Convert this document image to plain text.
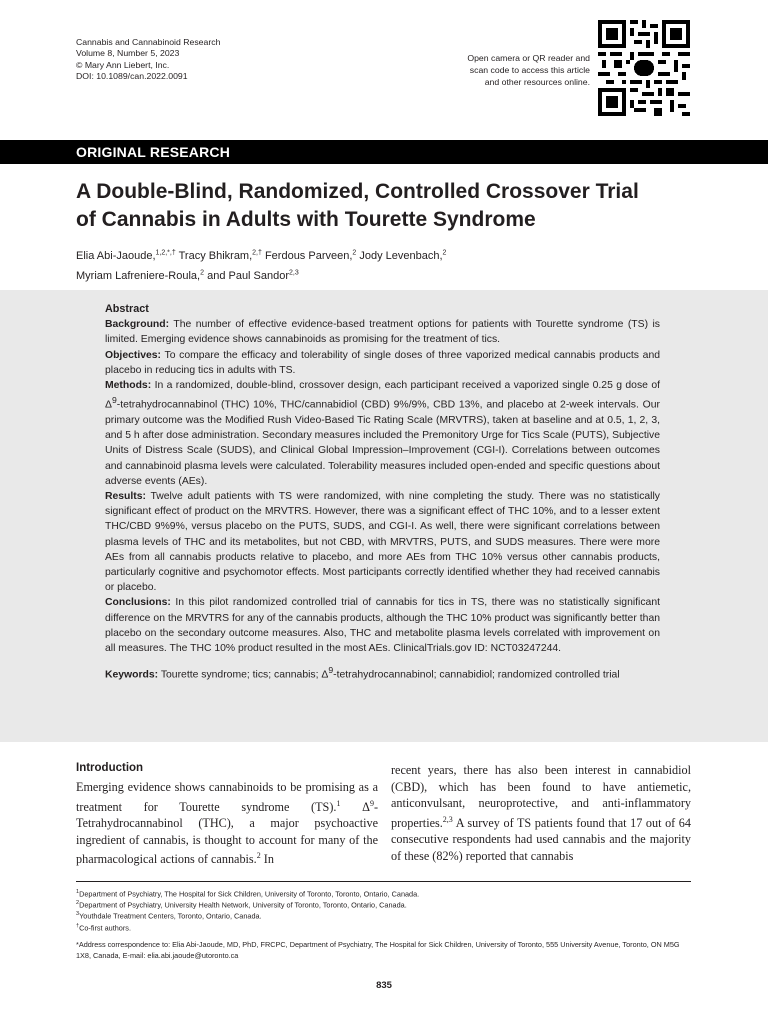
Cannabis and Cannabinoid Research
Volume 8, Number 5, 2023
© Mary Ann Liebert, Inc.
DOI: 10.1089/can.2022.0091
Open camera or QR reader and
scan code to access this article
and other resources online.
ORIGINAL RESEARCH
A Double-Blind, Randomized, Controlled Crossover Trial
of Cannabis in Adults with Tourette Syndrome
Elia Abi-Jaoude,$^{1,2,*,\dagger}$ Tracy Bhikram,$^{2,\dagger}$ Ferdous Parveen,$^2$ Jody Levenbach,$^2$
Myriam Lafreniere-Roula,$^2$ and Paul Sandor$^{2,3}$
Abstract

Background: The number of effective evidence-based treatment options for patients with Tourette syndrome (TS) is limited. Emerging evidence shows cannabinoids as promising for the treatment of tics.

Objectives: To compare the efficacy and tolerability of single doses of three vaporized medical cannabis products and placebo in reducing tics in adults with TS.

Methods: In a randomized, double-blind, crossover design, each participant received a vaporized single 0.25 g dose of $\Delta^9$-tetrahydrocannabinol (THC) 10%, THC/cannabidiol (CBD) 9%/9%, CBD 13%, and placebo at 2-week intervals. Our primary outcome was the Modified Rush Video-Based Tic Rating Scale (MRVTRS), taken at baseline and at 0.5, 1, 2, 3, and 5 h after dose administration. Secondary measures included the Premonitory Urge for Tics Scale (PUTS), Subjective Units of Distress Scale (SUDS), and Clinical Global Impression–Improvement (CGI-I). Correlations between outcomes and cannabinoid plasma levels were calculated. Tolerability measures included open-ended and specific questions about adverse events (AEs).

Results: Twelve adult patients with TS were randomized, with nine completing the study. There was no statistically significant effect of product on the MRVTRS. However, there was a significant effect of THC 10%, and to a lesser extent THC/CBD 9%9%, versus placebo on the PUTS, SUDS, and CGI-I. As well, there were significant correlations between plasma levels of THC and its metabolites, but not CBD, with MRVTRS, PUTS, and SUDS measures. There were more AEs from all cannabis products relative to placebo, and more AEs from THC 10% versus other cannabis products, particularly cognitive and psychomotor effects. Most participants correctly identified whether they had received cannabis or placebo.

Conclusions: In this pilot randomized controlled trial of cannabis for tics in TS, there was no statistically significant difference on the MRVTRS for any of the cannabis products, although the THC 10% product was significantly better than placebo on the secondary outcome measures. Also, THC and metabolite plasma levels correlated with improvement on all measures. The THC 10% product resulted in the most AEs. ClinicalTrials.gov ID: NCT03247244.

Keywords: Tourette syndrome; tics; cannabis; $\Delta^9$-tetrahydrocannabinol; cannabidiol; randomized controlled trial

Introduction
Emerging evidence shows cannabinoids to be promising as a treatment for Tourette syndrome (TS).$^1$ $\Delta^9$-Tetrahydrocannabinol (THC), a major psychoactive ingredient of cannabis, is thought to account for many of the pharmacological actions of cannabis.$^2$ In
recent years, there has also been interest in cannabidiol (CBD), which has been found to have antiemetic, anticonvulsant, neuroprotective, and anti-inflammatory properties.$^{2,3}$ A survey of TS patients found that 17 out of 64 consecutive respondents had used cannabis and the majority of these (82%) reported that cannabis
$^1$Department of Psychiatry, The Hospital for Sick Children, University of Toronto, Toronto, Ontario, Canada.
$^2$Department of Psychiatry, University Health Network, University of Toronto, Toronto, Ontario, Canada.
$^3$Youthdale Treatment Centers, Toronto, Ontario, Canada.
†Co-first authors.
*Address correspondence to: Elia Abi-Jaoude, MD, PhD, FRCPC, Department of Psychiatry, The Hospital for Sick Children, University of Toronto, 555 University Avenue, Toronto, ON M5G 1X8, Canada, E-mail: elia.abi.jaoude@utoronto.ca
835
